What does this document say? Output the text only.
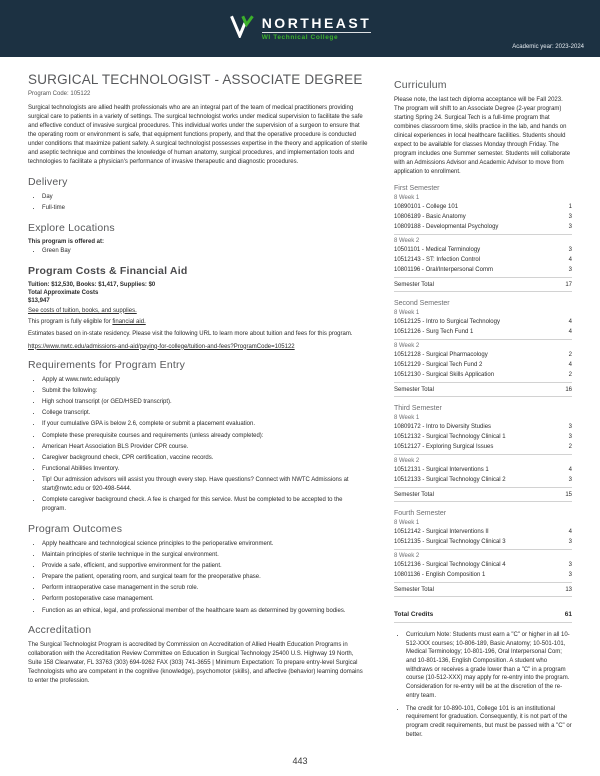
NORTHEAST
WI Technical College
Academic year: 2023-2024
SURGICAL TECHNOLOGIST - ASSOCIATE DEGREE
Program Code: 105122

Surgical technologists are allied health professionals who are an integral part of the team of medical practitioners providing surgical care to patients in a variety of settings. The surgical technologist works under medical supervision to facilitate the safe and effective conduct of invasive surgical procedures. This individual works under the supervision of a surgeon to ensure that the operating room or environment is safe, that equipment functions properly, and that the operative procedure is conducted under conditions that maximize patient safety. A surgical technologist possesses expertise in the theory and application of sterile and aseptic technique and combines the knowledge of human anatomy, surgical procedures, and implementation tools and technologies to facilitate a physician's performance of invasive therapeutic and diagnostic procedures.

Delivery
• Day
• Full-time
Explore Locations
This program is offered at:
• Green Bay
Program Costs & Financial Aid
Tuition: $12,530, Books: $1,417, Supplies: $0
Total Approximate Costs
$13,947
See costs of tuition, books, and supplies.
This program is fully eligible for financial aid.

Estimates based on in-state residency. Please visit the following URL to learn more about tuition and fees for this program.

https://www.nwtc.edu/admissions-and-aid/paying-for-college/tuition-and-fees?ProgramCode=105122
Requirements for Program Entry
• Apply at www.nwtc.edu/apply
• Submit the following:
• High school transcript (or GED/HSED transcript).
• College transcript.
• If your cumulative GPA is below 2.6, complete or submit a placement evaluation.
• Complete these prerequisite courses and requirements (unless already completed):
• American Heart Association BLS Provider CPR course.
• Caregiver background check, CPR certification, vaccine records.
• Functional Abilities Inventory.
• Tip! Our admission advisors will assist you through every step. Have questions? Connect with NWTC Admissions at start@nwtc.edu or 920-498-5444.
• Complete caregiver background check. A fee is charged for this service. Must be completed to be accepted to the program.
Program Outcomes
• Apply healthcare and technological science principles to the perioperative environment.
• Maintain principles of sterile technique in the surgical environment.
• Provide a safe, efficient, and supportive environment for the patient.
• Prepare the patient, operating room, and surgical team for the preoperative phase.
• Perform intraoperative case management in the scrub role.
• Perform postoperative case management.
• Function as an ethical, legal, and professional member of the healthcare team as determined by governing bodies.
Accreditation

The Surgical Technologist Program is accredited by Commission on Accreditation of Allied Health Education Programs in collaboration with the Accreditation Review Committee on Education in Surgical Technology 25400 U.S. Highway 19 North, Suite 158 Clearwater, FL 33763 (303) 694-9262 FAX (303) 741-3655 | Minimum Expectation: To prepare entry-level Surgical Technologists who are competent in the cognitive (knowledge), psychomotor (skills), and affective (behavior) learning domains to enter the profession.

Curriculum

Please note, the last tech diploma acceptance will be Fall 2023. The program will shift to an Associate Degree (2-year program) starting Spring 24. Surgical Tech is a full-time program that combines classroom time, skills practice in the lab, and hands on clinical experiences in local healthcare facilities. Students should expect to be available for classes Monday through Friday. The program includes one Summer semester. Students will collaborate with an Admissions Advisor and Academic Advisor to move from application to enrollment.

First Semester
8 Week 1
10890101 - College 101	1
10806189 - Basic Anatomy	3
10809188 - Developmental Psychology	3
8 Week 2
10501101 - Medical Terminology	3
10512143 - ST: Infection Control	4
10801196 - Oral/Interpersonal Comm	3
Semester Total	17
Second Semester
8 Week 1
10512125 - Intro to Surgical Technology	4
10512126 - Surg Tech Fund 1	4
8 Week 2
10512128 - Surgical Pharmacology	2
10512129 - Surgical Tech Fund 2	4
10512130 - Surgical Skills Application	2
Semester Total	16
Third Semester
8 Week 1
10809172 - Intro to Diversity Studies	3
10512132 - Surgical Technology Clinical 1	3
10512127 - Exploring Surgical Issues	2
8 Week 2
10512131 - Surgical Interventions 1	4
10512133 - Surgical Technology Clinical 2	3
Semester Total	15
Fourth Semester
8 Week 1
10512142 - Surgical Interventions II	4
10512135 - Surgical Technology Clinical 3	3
8 Week 2
10512136 - Surgical Technology Clinical 4	3
10801136 - English Composition 1	3
Semester Total	13
Total Credits	61
• Curriculum Note: Students must earn a "C" or higher in all 10-512-XXX courses; 10-806-189, Basic Anatomy; 10-501-101, Medical Terminology; 10-801-196, Oral Interpersonal Com; and 10-801-136, English Composition. A student who withdraws or receives a grade lower than a "C" in a program course (10-512-XXX) may apply for re-entry into the program. Consideration for re-entry will be at the discretion of the re-entry team.
• The credit for 10-890-101, College 101 is an institutional requirement for graduation. Consequently, it is not part of the program credit requirements, but must be passed with a "C" or better.
443
